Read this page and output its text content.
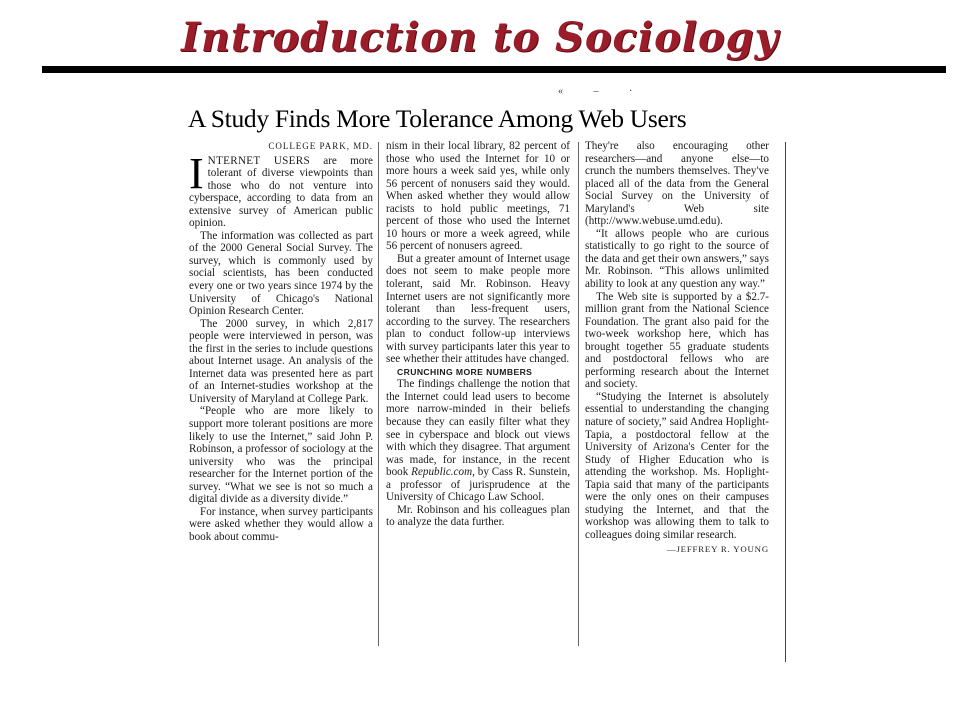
Introduction to Sociology
« ‒ ·
A Study Finds More Tolerance Among Web Users
COLLEGE PARK, MD.

INTERNET USERS are more tolerant of diverse viewpoints than those who do not venture into cyberspace, according to data from an extensive survey of American public opinion.

The information was collected as part of the 2000 General Social Survey. The survey, which is commonly used by social scientists, has been conducted every one or two years since 1974 by the University of Chicago's National Opinion Research Center.

The 2000 survey, in which 2,817 people were interviewed in person, was the first in the series to include questions about Internet usage. An analysis of the Internet data was presented here as part of an Internet-studies workshop at the University of Maryland at College Park.

“People who are more likely to support more tolerant positions are more likely to use the Internet,” said John P. Robinson, a professor of sociology at the university who was the principal researcher for the Internet portion of the survey. “What we see is not so much a digital divide as a diversity divide.”

For instance, when survey participants were asked whether they would allow a book about commu-

nism in their local library, 82 percent of those who used the Internet for 10 or more hours a week said yes, while only 56 percent of nonusers said they would. When asked whether they would allow racists to hold public meetings, 71 percent of those who used the Internet 10 hours or more a week agreed, while 56 percent of nonusers agreed.

But a greater amount of Internet usage does not seem to make people more tolerant, said Mr. Robinson. Heavy Internet users are not significantly more tolerant than less-frequent users, according to the survey. The researchers plan to conduct follow-up interviews with survey participants later this year to see whether their attitudes have changed.

CRUNCHING MORE NUMBERS

The findings challenge the notion that the Internet could lead users to become more narrow-minded in their beliefs because they can easily filter what they see in cyberspace and block out views with which they disagree. That argument was made, for instance, in the recent book Republic.com, by Cass R. Sunstein, a professor of jurisprudence at the University of Chicago Law School.

Mr. Robinson and his colleagues plan to analyze the data further.

They're also encouraging other researchers—and anyone else—to crunch the numbers themselves. They've placed all of the data from the General Social Survey on the University of Maryland's Web site (http://www.webuse.umd.edu).

“It allows people who are curious statistically to go right to the source of the data and get their own answers,” says Mr. Robinson. “This allows unlimited ability to look at any question any way.”

The Web site is supported by a $2.7-million grant from the National Science Foundation. The grant also paid for the two-week workshop here, which has brought together 55 graduate students and postdoctoral fellows who are performing research about the Internet and society.

“Studying the Internet is absolutely essential to understanding the changing nature of society,” said Andrea Hoplight-Tapia, a postdoctoral fellow at the University of Arizona's Center for the Study of Higher Education who is attending the workshop. Ms. Hoplight-Tapia said that many of the participants were the only ones on their campuses studying the Internet, and that the workshop was allowing them to talk to colleagues doing similar research.

—JEFFREY R. YOUNG
